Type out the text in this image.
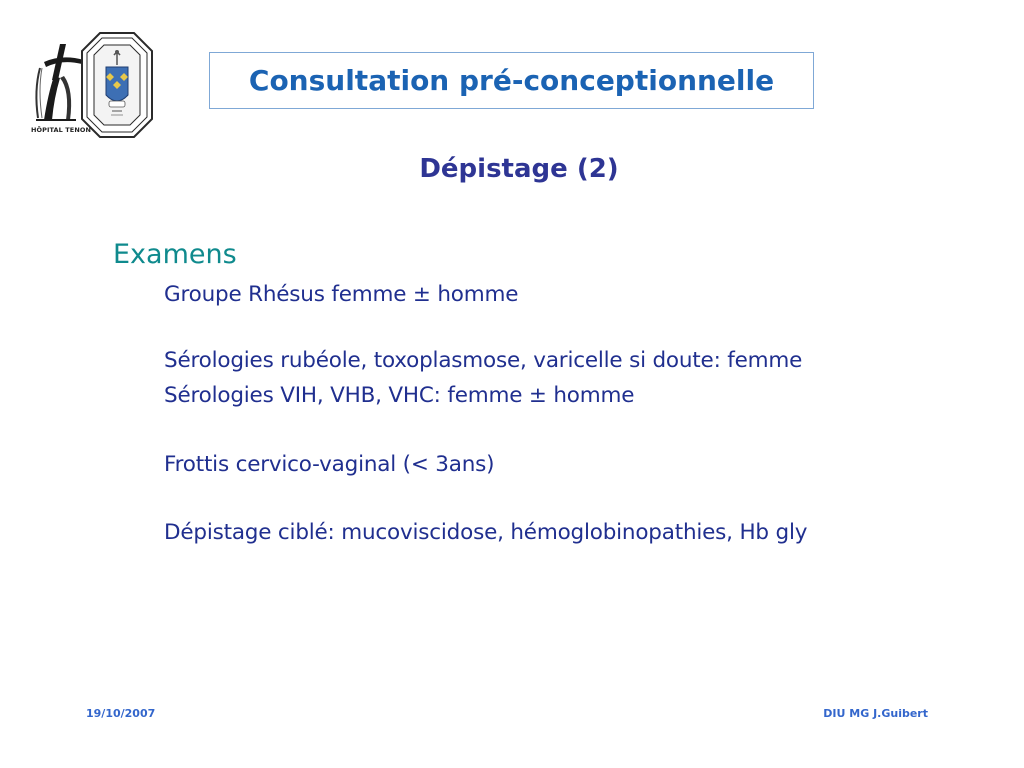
HÔPITAL TENON
Consultation pré-conceptionnelle
Dépistage (2)
Examens
Groupe Rhésus femme ± homme
Sérologies rubéole, toxoplasmose, varicelle si doute: femme
Sérologies VIH, VHB, VHC: femme ± homme
Frottis cervico-vaginal (< 3ans)
Dépistage ciblé: mucoviscidose, hémoglobinopathies, Hb gly
19/10/2007	DIU MG J.Guibert
